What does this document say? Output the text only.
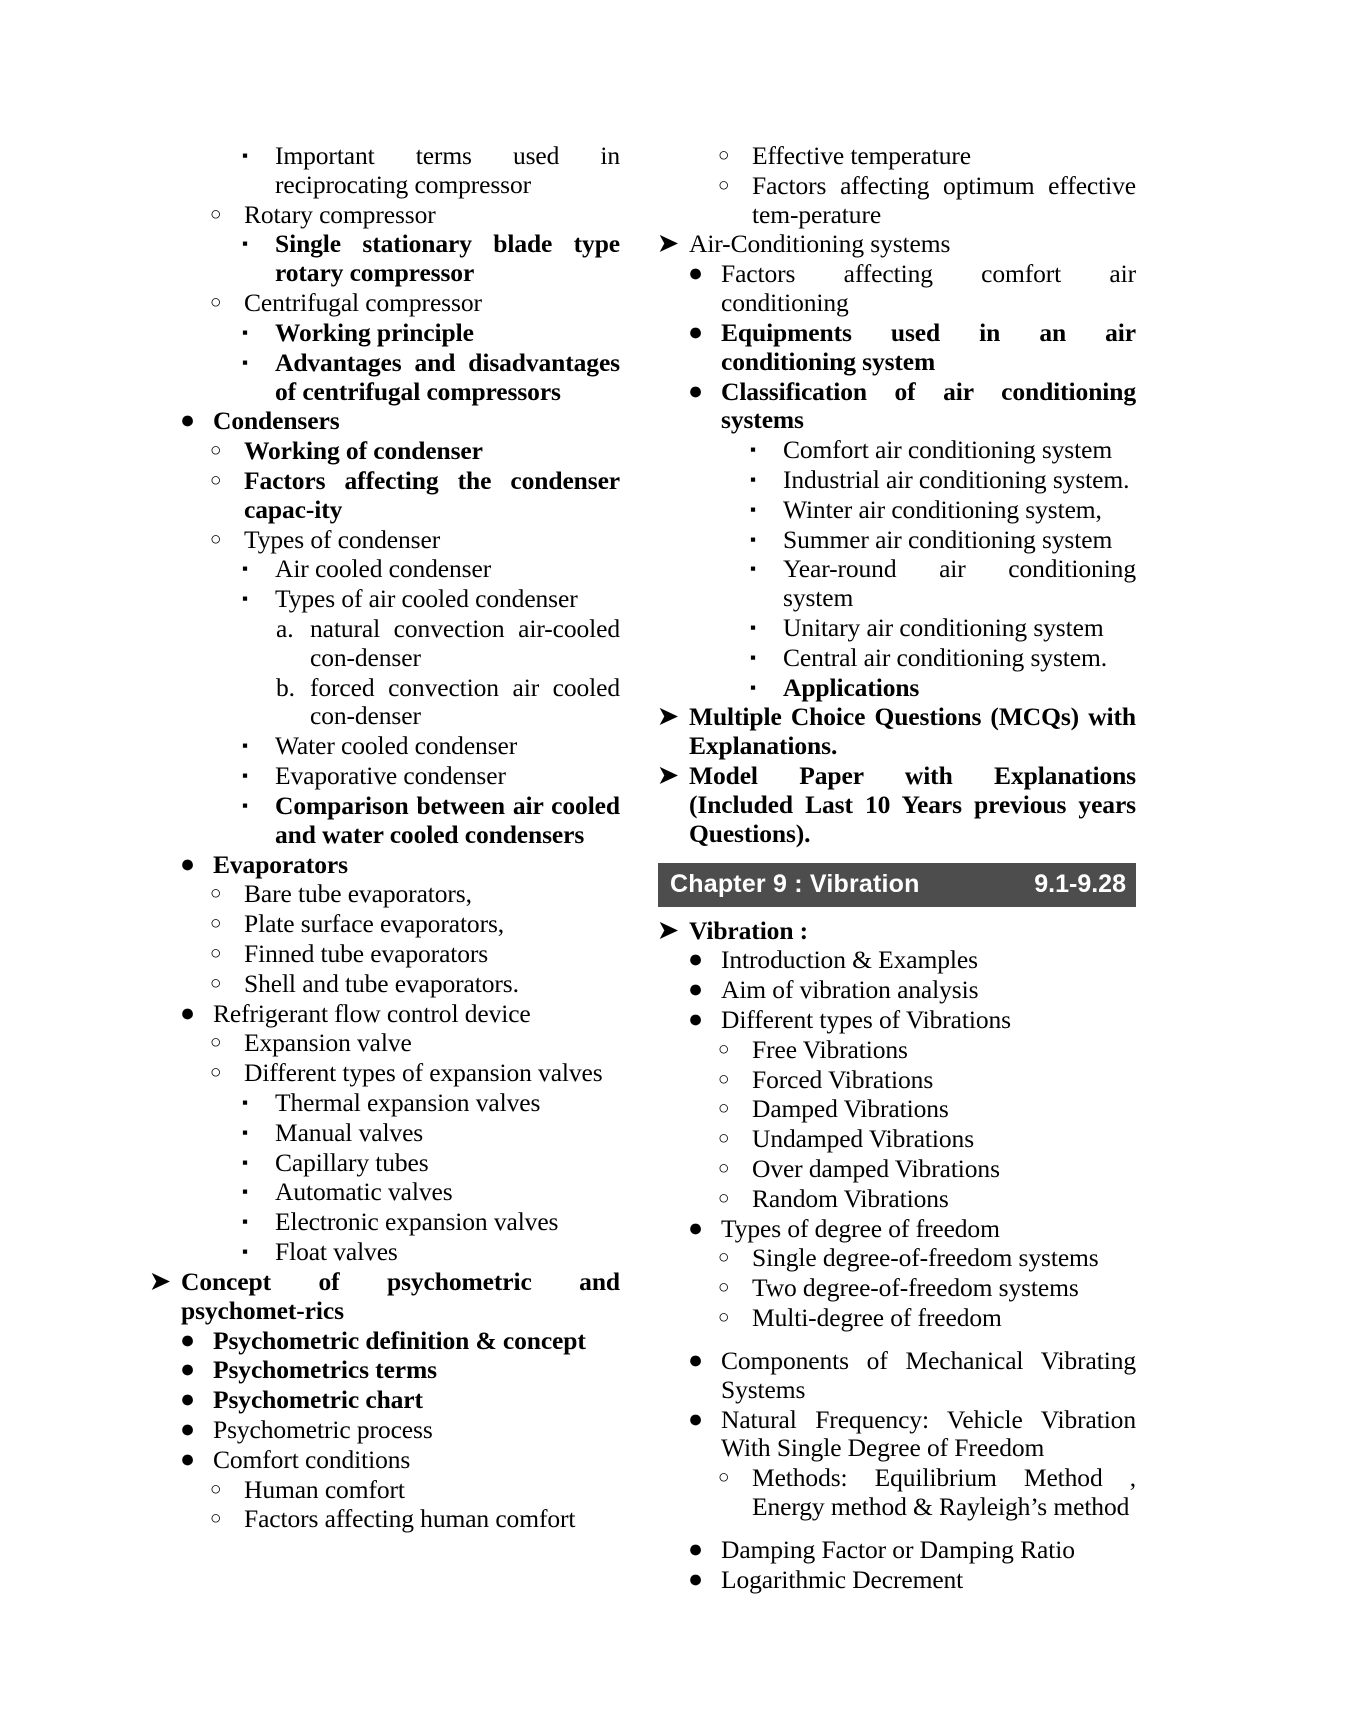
▪	Important terms used in reciprocating compressor
○ Rotary compressor
▪	Single stationary blade type rotary compressor
○ Centrifugal compressor
▪	Working principle
▪	Advantages and disadvantages of centrifugal compressors
● Condensers
○ Working of condenser
○ Factors affecting the condenser capac-ity
○ Types of condenser
▪	Air cooled condenser
▪	Types of air cooled condenser
a. natural convection air-cooled con-denser
b. forced convection air cooled con-denser
▪	Water cooled condenser
▪	Evaporative condenser
▪	Comparison between air cooled and water cooled condensers
● Evaporators
○ Bare tube evaporators,
○ Plate surface evaporators,
○ Finned tube evaporators
○ Shell and tube evaporators.
● Refrigerant flow control device
○ Expansion valve
○ Different types of expansion valves
▪	Thermal expansion valves
▪	Manual valves
▪	Capillary tubes
▪	Automatic valves
▪	Electronic expansion valves
▪	Float valves
➤ Concept of psychometric and psychomet-rics
● Psychometric definition & concept
● Psychometrics terms
● Psychometric chart
● Psychometric process
● Comfort conditions
○ Human comfort
○ Factors affecting human comfort
○ Effective temperature
○ Factors affecting optimum effective tem-perature
➤ Air-Conditioning systems
● Factors affecting comfort air conditioning
● Equipments used in an air conditioning system
● Classification of air conditioning systems
▪	Comfort air conditioning system
▪	Industrial air conditioning system.
▪	Winter air conditioning system,
▪	Summer air conditioning system
▪	Year-round air conditioning system
▪	Unitary air conditioning system
▪	Central air conditioning system.
▪	Applications
➤ Multiple Choice Questions (MCQs) with Explanations.
➤ Model Paper with Explanations (Included Last 10 Years previous years Questions).
Chapter 9 : Vibration	9.1-9.28
➤ Vibration :
● Introduction & Examples
● Aim of vibration analysis
● Different types of Vibrations
○ Free Vibrations
○ Forced Vibrations
○ Damped Vibrations
○ Undamped Vibrations
○ Over damped Vibrations
○ Random Vibrations
● Types of degree of freedom
○ Single degree-of-freedom systems
○ Two degree-of-freedom systems
○ Multi-degree of freedom
● Components of Mechanical Vibrating Systems
● Natural Frequency: Vehicle Vibration With Single Degree of Freedom
○ Methods: Equilibrium Method , Energy method & Rayleigh’s method
● Damping Factor or Damping Ratio
● Logarithmic Decrement
